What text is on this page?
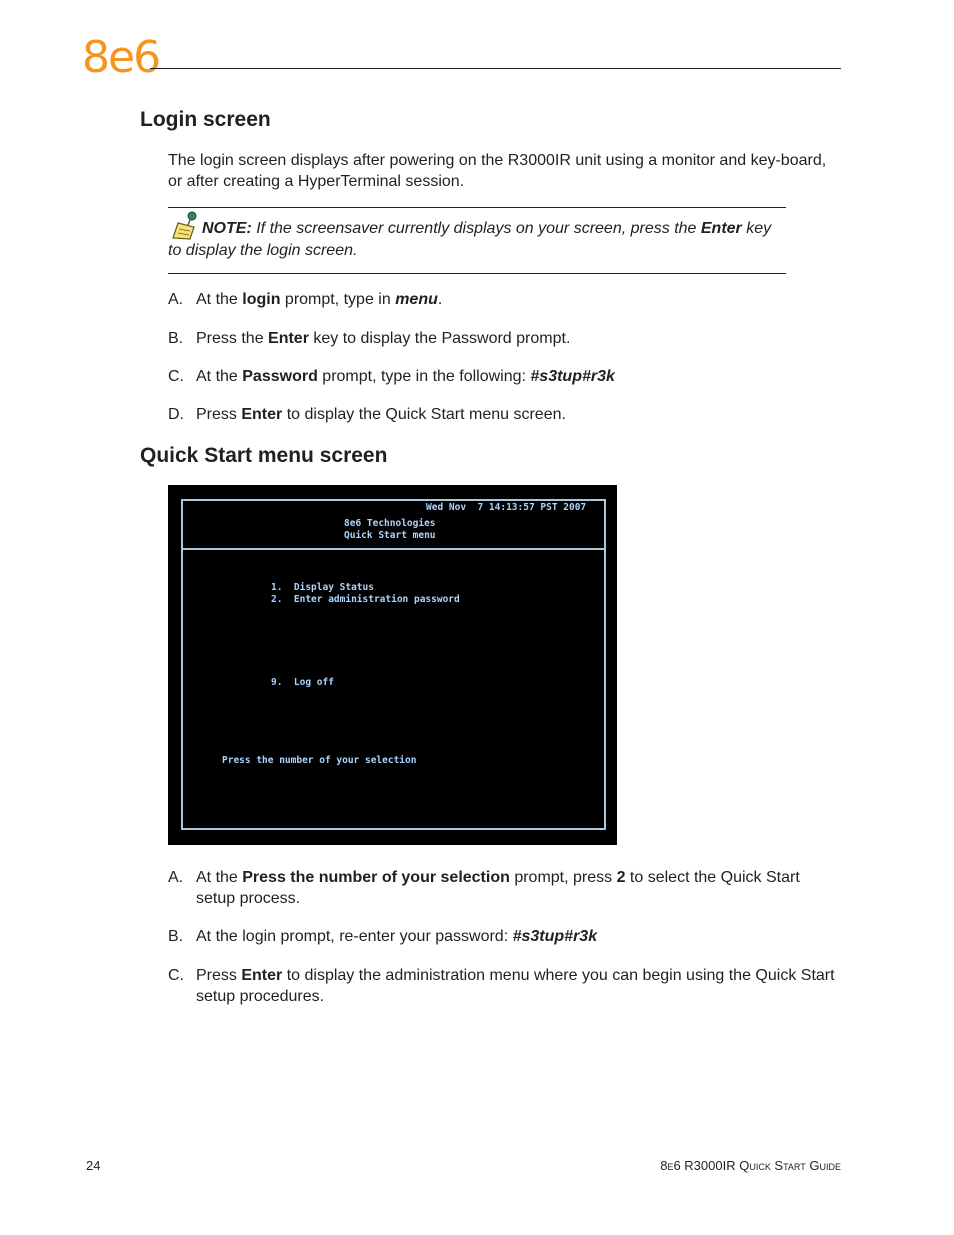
8e6
Login screen
The login screen displays after powering on the R3000IR unit using a monitor and key-board, or after creating a HyperTerminal session.
NOTE: If the screensaver currently displays on your screen, press the Enter key to display the login screen.
A. At the login prompt, type in menu.
B. Press the Enter key to display the Password prompt.
C. At the Password prompt, type in the following: #s3tup#r3k
D. Press Enter to display the Quick Start menu screen.
Quick Start menu screen
Wed Nov  7 14:13:57 PST 2007
8e6 Technologies
Quick Start menu
1.  Display Status
2.  Enter administration password
9.  Log off
Press the number of your selection
A. At the Press the number of your selection prompt, press 2 to select the Quick Start setup process.
B. At the login prompt, re-enter your password: #s3tup#r3k
C. Press Enter to display the administration menu where you can begin using the Quick Start setup procedures.
24	8e6 R3000IR Quick Start Guide
